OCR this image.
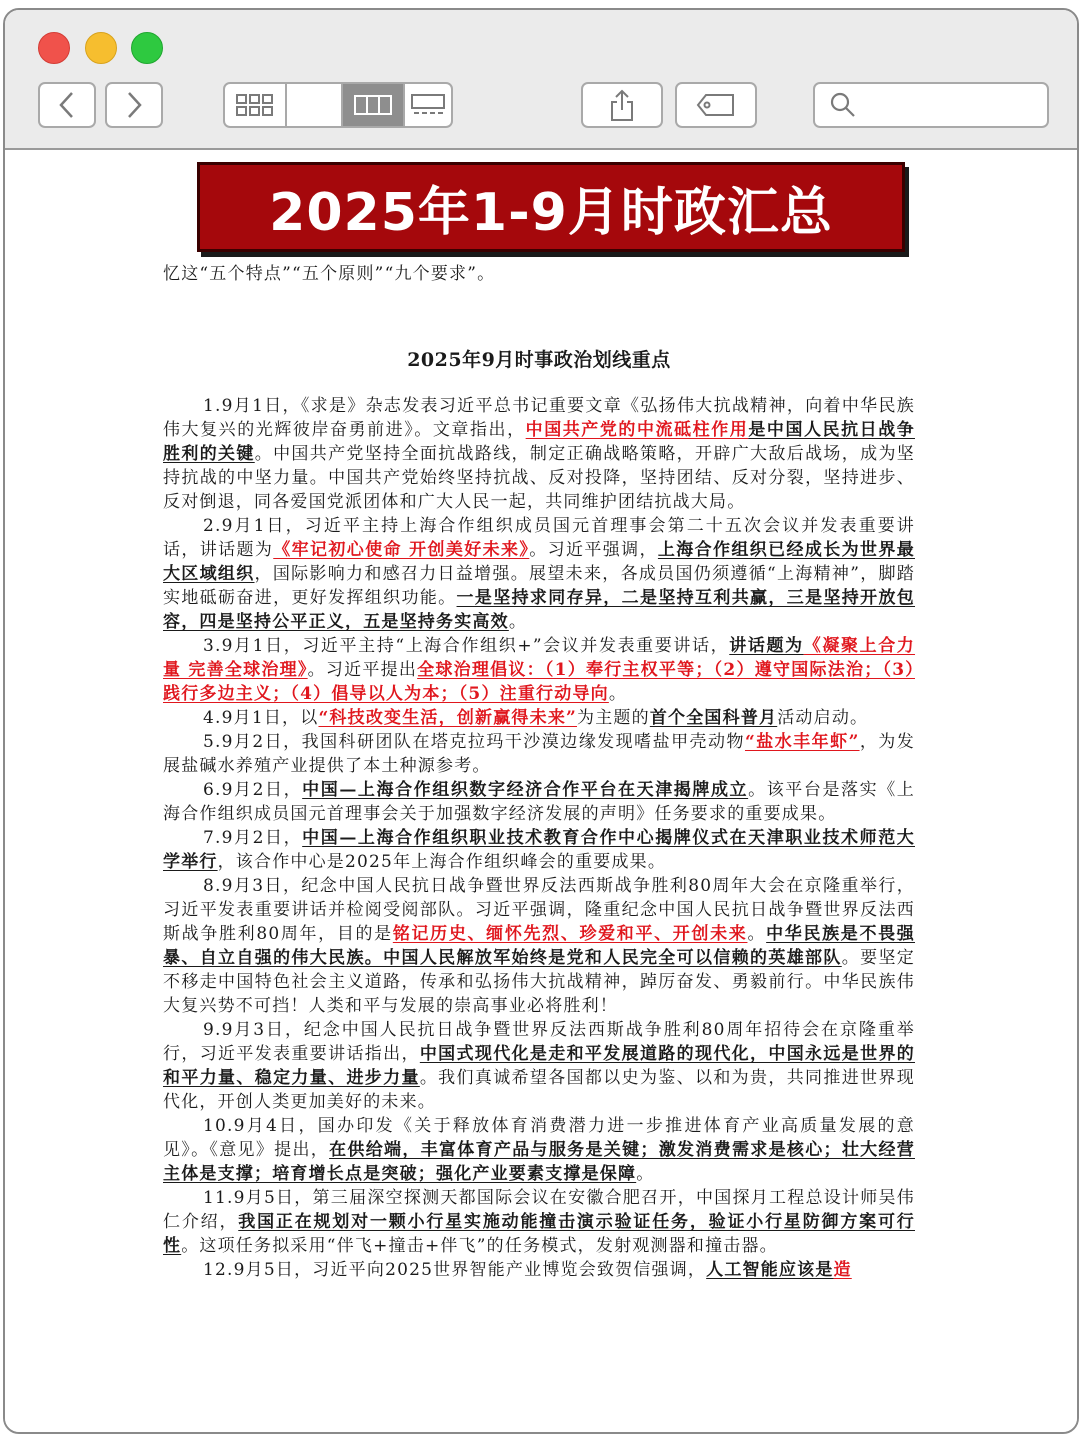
2025年1-9月时政汇总

忆这“五个特点”“五个原则”“九个要求”。

2025年9月时事政治划线重点

1.9月1日，《求是》杂志发表习近平总书记重要文章《弘扬伟大抗战精神，向着中华民族伟大复兴的光辉彼岸奋勇前进》。文章指出，中国共产党的中流砥柱作用是中国人民抗日战争胜利的关键。中国共产党坚持全面抗战路线，制定正确战略策略，开辟广大敌后战场，成为坚持抗战的中坚力量。中国共产党始终坚持抗战、反对投降，坚持团结、反对分裂，坚持进步、反对倒退，同各爱国党派团体和广大人民一起，共同维护团结抗战大局。

2.9月1日，习近平主持上海合作组织成员国元首理事会第二十五次会议并发表重要讲话，讲话题为《牢记初心使命 开创美好未来》。习近平强调，上海合作组织已经成长为世界最大区域组织，国际影响力和感召力日益增强。展望未来，各成员国仍须遵循“上海精神”，脚踏实地砥砺奋进，更好发挥组织功能。一是坚持求同存异，二是坚持互利共赢，三是坚持开放包容，四是坚持公平正义，五是坚持务实高效。

3.9月1日，习近平主持“上海合作组织+”会议并发表重要讲话，讲话题为《凝聚上合力量 完善全球治理》。习近平提出全球治理倡议：（1）奉行主权平等；（2）遵守国际法治；（3）践行多边主义；（4）倡导以人为本；（5）注重行动导向。

4.9月1日，以“科技改变生活，创新赢得未来”为主题的首个全国科普月活动启动。

5.9月2日，我国科研团队在塔克拉玛干沙漠边缘发现嗜盐甲壳动物“盐水丰年虾”，为发展盐碱水养殖产业提供了本土种源参考。

6.9月2日，中国—上海合作组织数字经济合作平台在天津揭牌成立。该平台是落实《上海合作组织成员国元首理事会关于加强数字经济发展的声明》任务要求的重要成果。

7.9月2日，中国—上海合作组织职业技术教育合作中心揭牌仪式在天津职业技术师范大学举行，该合作中心是2025年上海合作组织峰会的重要成果。

8.9月3日，纪念中国人民抗日战争暨世界反法西斯战争胜利80周年大会在京隆重举行，习近平发表重要讲话并检阅受阅部队。习近平强调，隆重纪念中国人民抗日战争暨世界反法西斯战争胜利80周年，目的是铭记历史、缅怀先烈、珍爱和平、开创未来。中华民族是不畏强暴、自立自强的伟大民族。中国人民解放军始终是党和人民完全可以信赖的英雄部队。要坚定不移走中国特色社会主义道路，传承和弘扬伟大抗战精神，踔厉奋发、勇毅前行。中华民族伟大复兴势不可挡！人类和平与发展的崇高事业必将胜利！

9.9月3日，纪念中国人民抗日战争暨世界反法西斯战争胜利80周年招待会在京隆重举行，习近平发表重要讲话指出，中国式现代化是走和平发展道路的现代化，中国永远是世界的和平力量、稳定力量、进步力量。我们真诚希望各国都以史为鉴、以和为贵，共同推进世界现代化，开创人类更加美好的未来。

10.9月4日，国办印发《关于释放体育消费潜力进一步推进体育产业高质量发展的意见》。《意见》提出，在供给端，丰富体育产品与服务是关键；激发消费需求是核心；壮大经营主体是支撑；培育增长点是突破；强化产业要素支撑是保障。

11.9月5日，第三届深空探测天都国际会议在安徽合肥召开，中国探月工程总设计师吴伟仁介绍，我国正在规划对一颗小行星实施动能撞击演示验证任务，验证小行星防御方案可行性。这项任务拟采用“伴飞+撞击+伴飞”的任务模式，发射观测器和撞击器。

12.9月5日，习近平向2025世界智能产业博览会致贺信强调，人工智能应该是造
